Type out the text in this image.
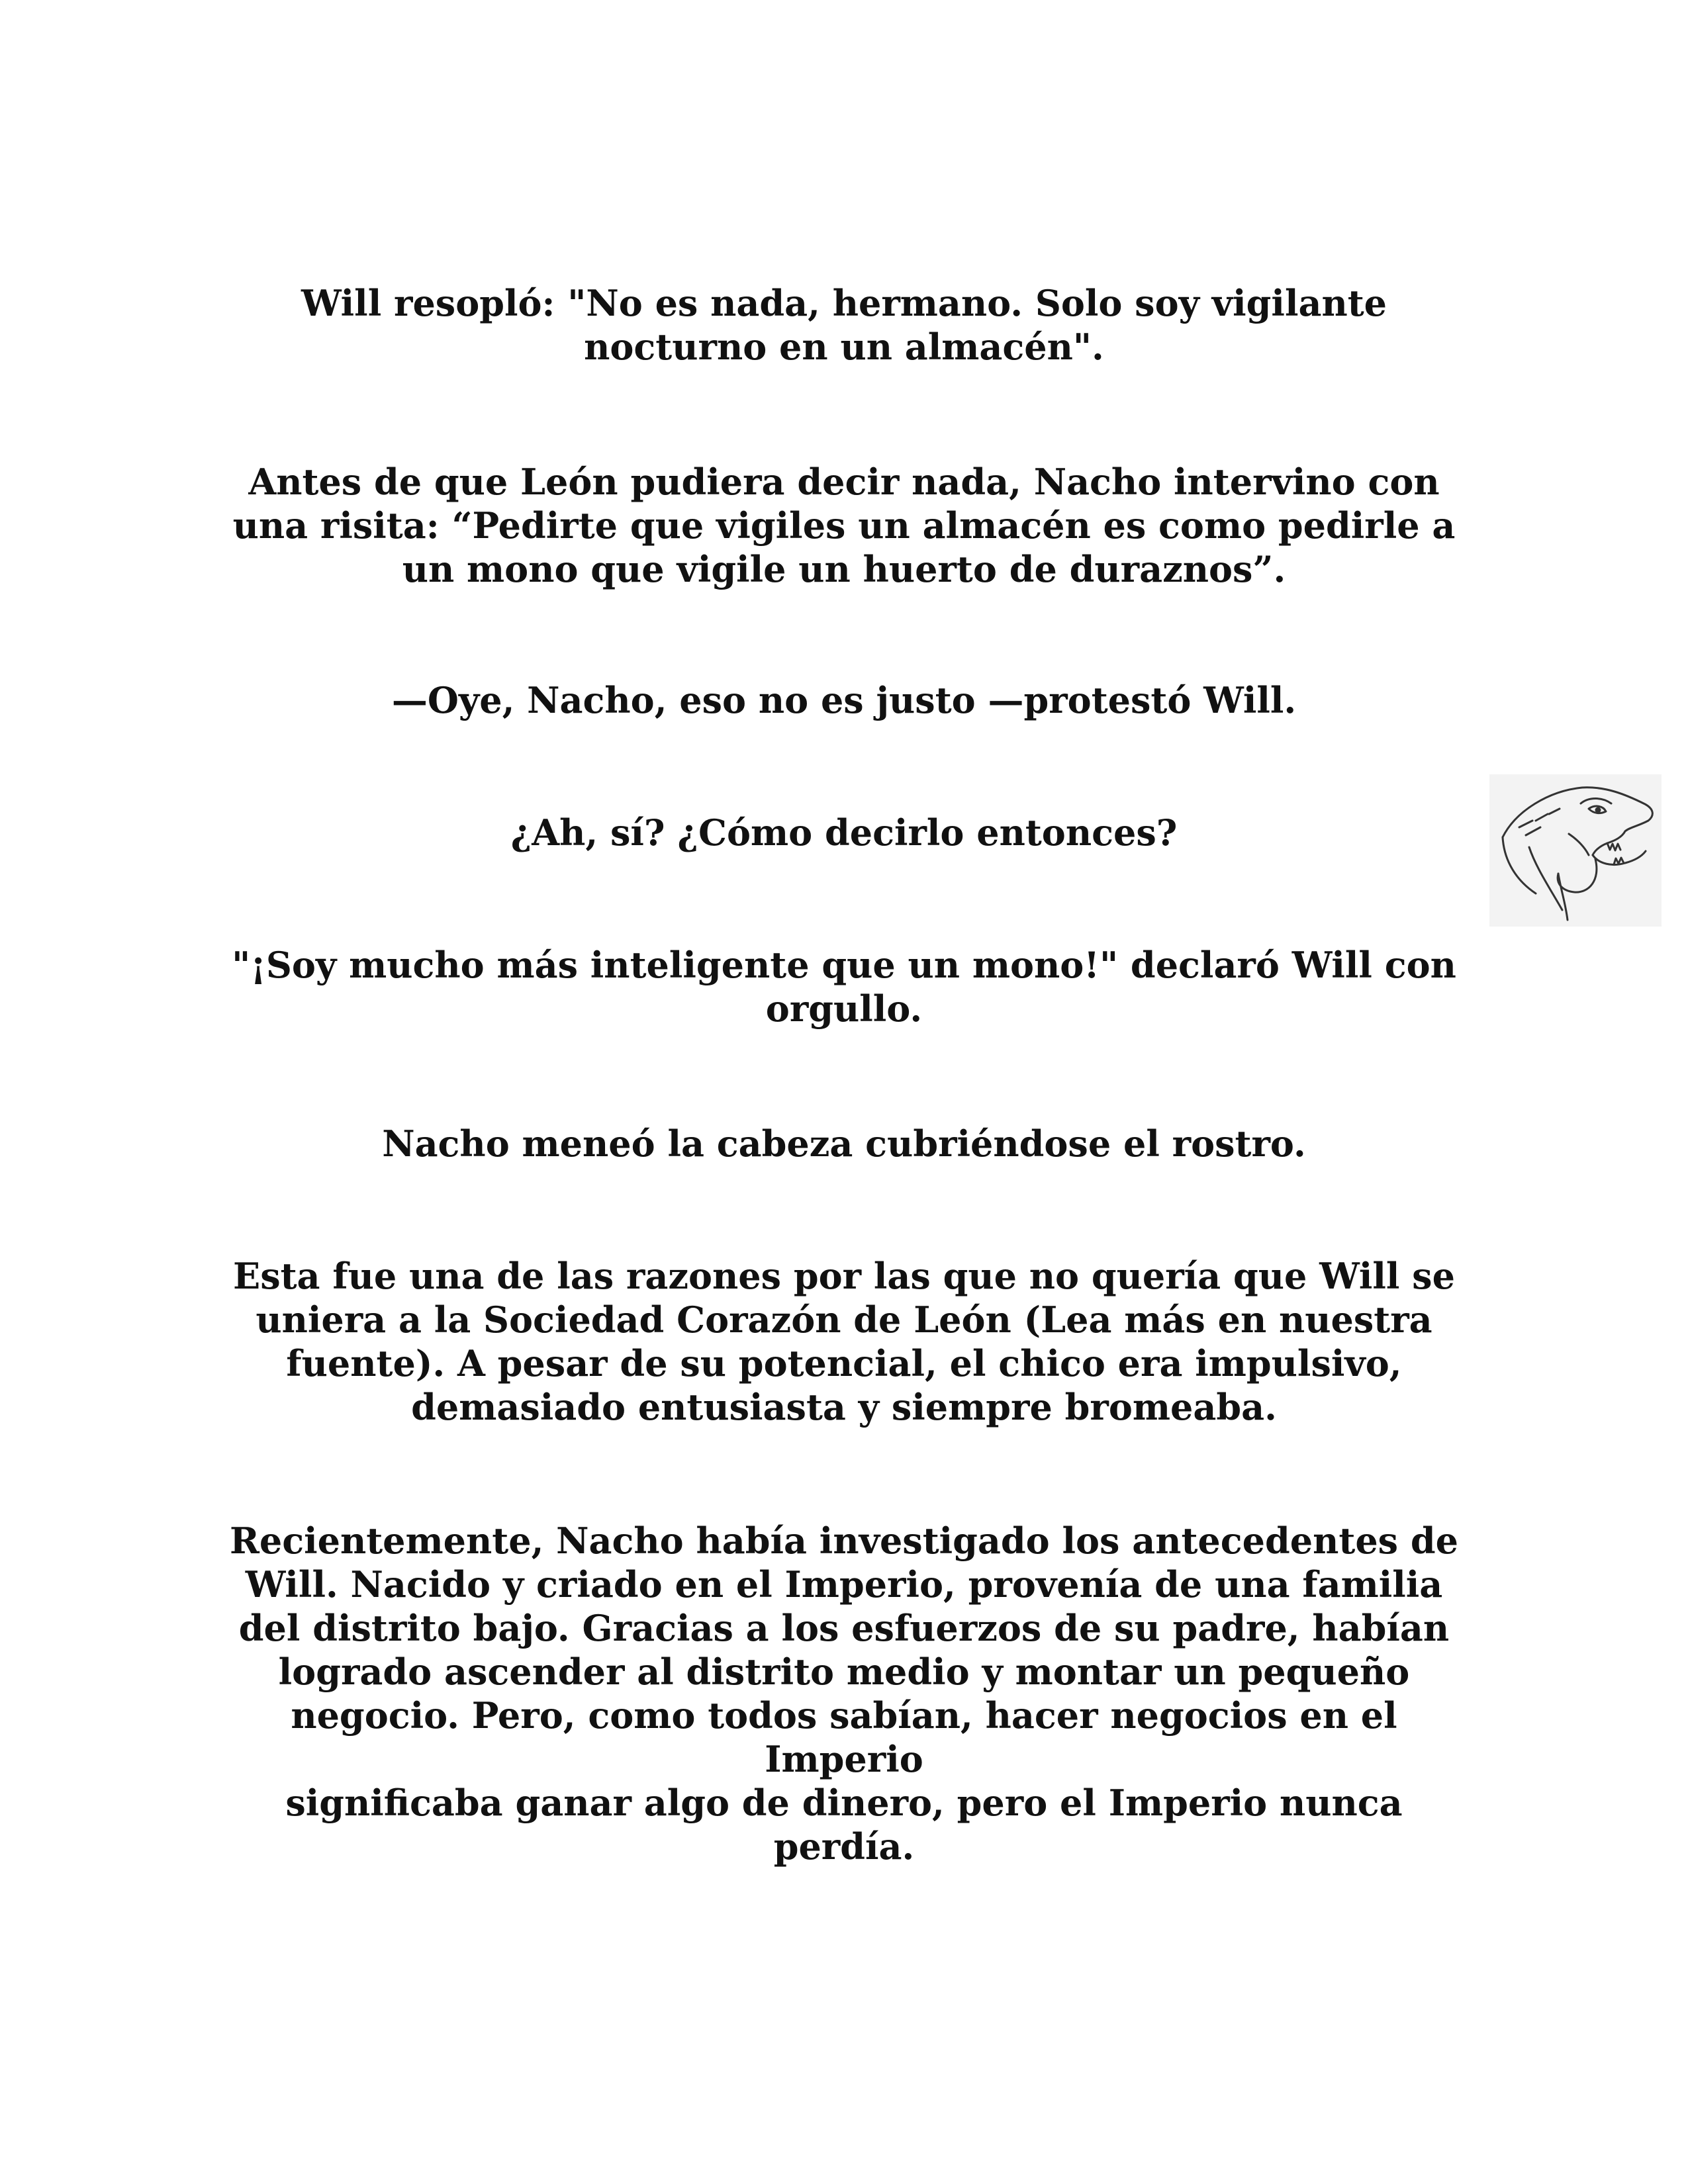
Will resopló: "No es nada, hermano. Solo soy vigilante
nocturno en un almacén".

Antes de que León pudiera decir nada, Nacho intervino con
una risita: “Pedirte que vigiles un almacén es como pedirle a
un mono que vigile un huerto de duraznos”.

—Oye, Nacho, eso no es justo —protestó Will.

¿Ah, sí? ¿Cómo decirlo entonces?

"¡Soy mucho más inteligente que un mono!" declaró Will con
orgullo.

Nacho meneó la cabeza cubriéndose el rostro.

Esta fue una de las razones por las que no quería que Will se
uniera a la Sociedad Corazón de León (Lea más en nuestra
fuente). A pesar de su potencial, el chico era impulsivo,
demasiado entusiasta y siempre bromeaba.

Recientemente, Nacho había investigado los antecedentes de
Will. Nacido y criado en el Imperio, provenía de una familia
del distrito bajo. Gracias a los esfuerzos de su padre, habían
logrado ascender al distrito medio y montar un pequeño
negocio. Pero, como todos sabían, hacer negocios en el Imperio
significaba ganar algo de dinero, pero el Imperio nunca
perdía.
